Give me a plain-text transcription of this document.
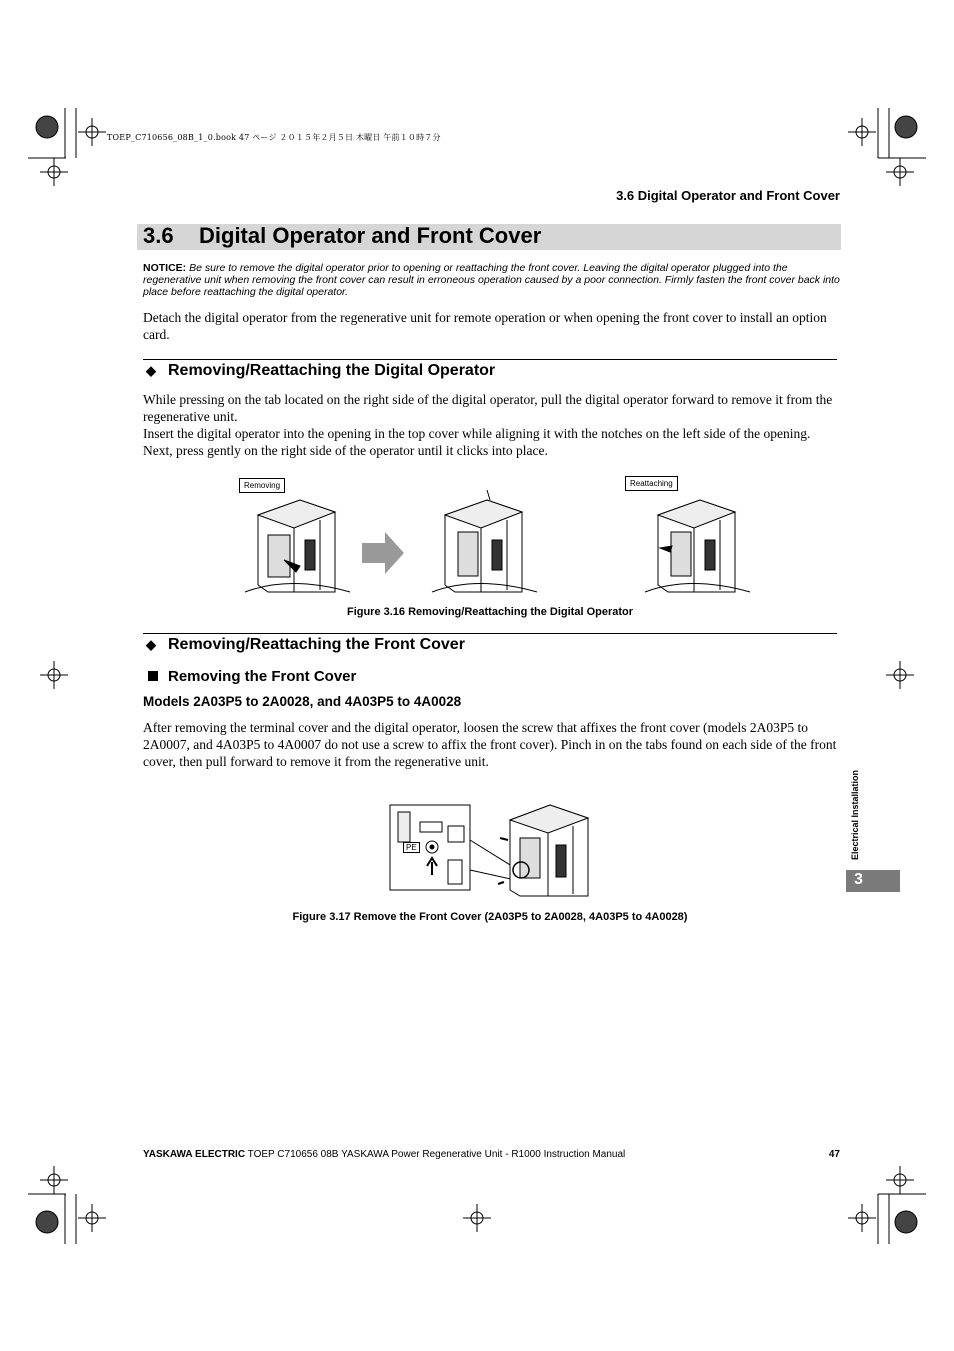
TOEP_C710656_08B_1_0.book 47 ページ ２０１５年２月５日 木曜日 午前１０時７分
3.6 Digital Operator and Front Cover
3.6 Digital Operator and Front Cover
NOTICE: Be sure to remove the digital operator prior to opening or reattaching the front cover. Leaving the digital operator plugged into the regenerative unit when removing the front cover can result in erroneous operation caused by a poor connection. Firmly fasten the front cover back into place before reattaching the digital operator.
Detach the digital operator from the regenerative unit for remote operation or when opening the front cover to install an option card.
◆ Removing/Reattaching the Digital Operator
While pressing on the tab located on the right side of the digital operator, pull the digital operator forward to remove it from the regenerative unit.
Insert the digital operator into the opening in the top cover while aligning it with the notches on the left side of the opening. Next, press gently on the right side of the operator until it clicks into place.
Removing	Reattaching
Figure 3.16 Removing/Reattaching the Digital Operator
◆ Removing/Reattaching the Front Cover
Removing the Front Cover
Models 2A03P5 to 2A0028, and 4A03P5 to 4A0028
After removing the terminal cover and the digital operator, loosen the screw that affixes the front cover (models 2A03P5 to 2A0007, and 4A03P5 to 4A0007 do not use a screw to affix the front cover). Pinch in on the tabs found on each side of the front cover, then pull forward to remove it from the regenerative unit.
PE
Figure 3.17 Remove the Front Cover (2A03P5 to 2A0028, 4A03P5 to 4A0028)
Electrical Installation
3
YASKAWA ELECTRIC TOEP C710656 08B YASKAWA Power Regenerative Unit - R1000 Instruction Manual	47
